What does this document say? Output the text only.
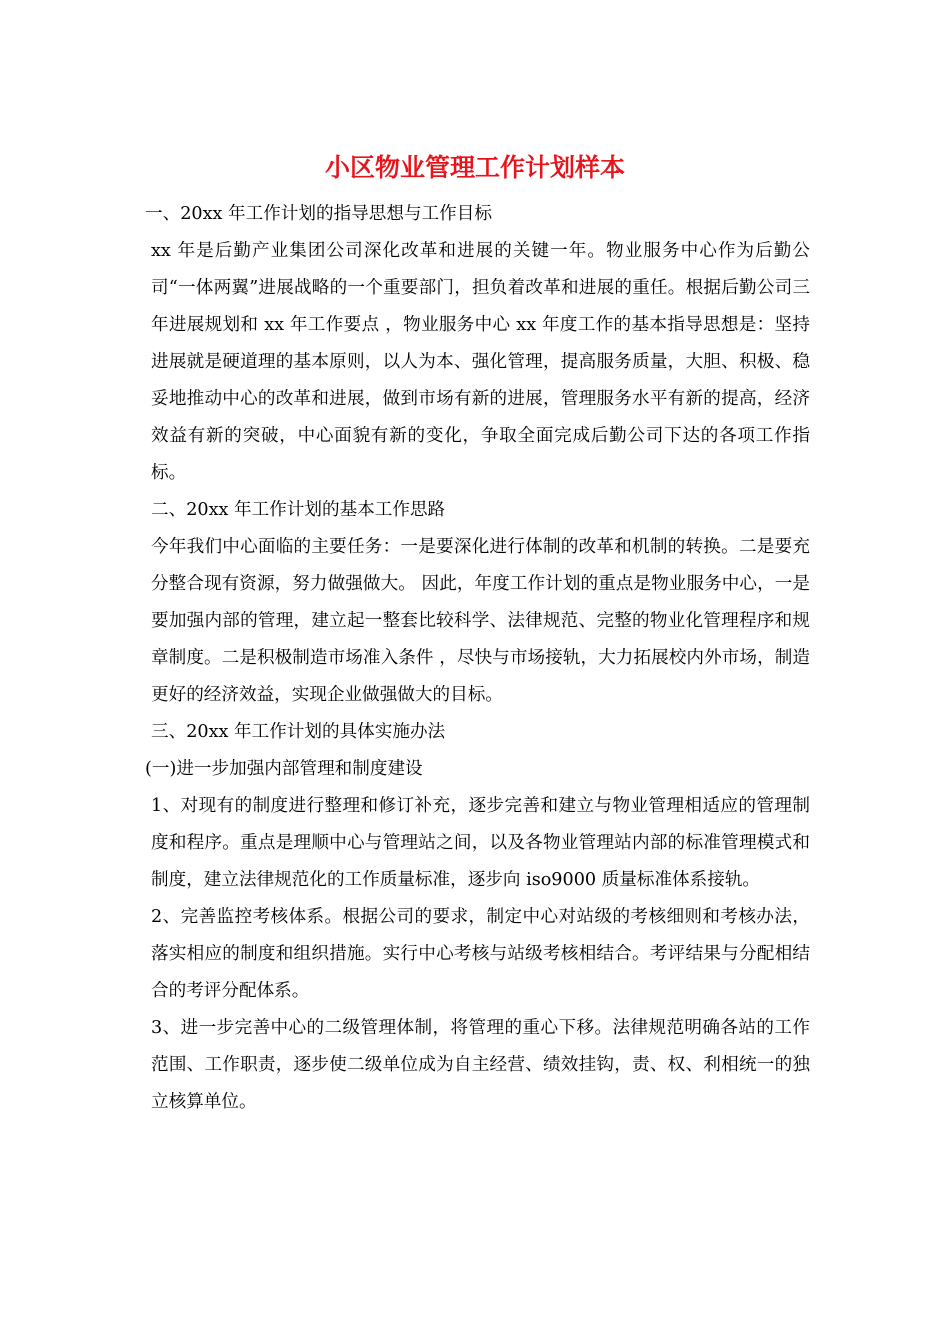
小区物业管理工作计划样本

一、20xx 年工作计划的指导思想与工作目标

xx 年是后勤产业集团公司深化改革和进展的关键一年。物业服务中心作为后勤公司“一体两翼”进展战略的一个重要部门，担负着改革和进展的重任。根据后勤公司三年进展规划和 xx 年工作要点 ，物业服务中心 xx 年度工作的基本指导思想是：坚持进展就是硬道理的基本原则，以人为本、强化管理，提高服务质量，大胆、积极、稳妥地推动中心的改革和进展，做到市场有新的进展，管理服务水平有新的提高，经济效益有新的突破，中心面貌有新的变化，争取全面完成后勤公司下达的各项工作指标。

二、20xx 年工作计划的基本工作思路

今年我们中心面临的主要任务：一是要深化进行体制的改革和机制的转换。二是要充分整合现有资源，努力做强做大。 因此，年度工作计划的重点是物业服务中心，一是要加强内部的管理，建立起一整套比较科学、法律规范、完整的物业化管理程序和规章制度。二是积极制造市场准入条件 ，尽快与市场接轨，大力拓展校内外市场，制造更好的经济效益，实现企业做强做大的目标。

三、20xx 年工作计划的具体实施办法

(一)进一步加强内部管理和制度建设

1、对现有的制度进行整理和修订补充，逐步完善和建立与物业管理相适应的管理制度和程序。重点是理顺中心与管理站之间，以及各物业管理站内部的标准管理模式和制度，建立法律规范化的工作质量标准，逐步向 iso9000 质量标准体系接轨。

2、完善监控考核体系。根据公司的要求，制定中心对站级的考核细则和考核办法，落实相应的制度和组织措施。实行中心考核与站级考核相结合。考评结果与分配相结合的考评分配体系。

3、进一步完善中心的二级管理体制，将管理的重心下移。法律规范明确各站的工作范围、工作职责，逐步使二级单位成为自主经营、绩效挂钩，责、权、利相统一的独立核算单位。
